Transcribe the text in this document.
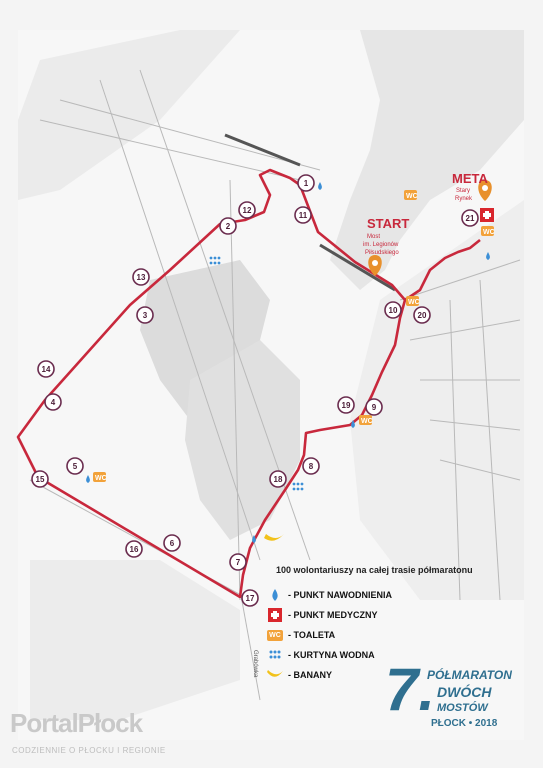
START
Most
im. Legionów
Piłsudskiego
META
Stary
Rynek
Grabówka
WC
WC
WC
WC
WC
1
2
3
4
5
6
7
8
9
10
11
12
13
14
15
16
17
18
19
20
21
100 wolontariuszy na całej trasie półmaratonu
- PUNKT NAWODNIENIA
- PUNKT MEDYCZNY
WC - TOALETA
- KURTYNA WODNA
- BANANY 7.
PÓŁMARATON
DWÓCH
MOSTÓW
PŁOCK • 2018
PortalPłock
CODZIENNIE O PŁOCKU I REGIONIE
